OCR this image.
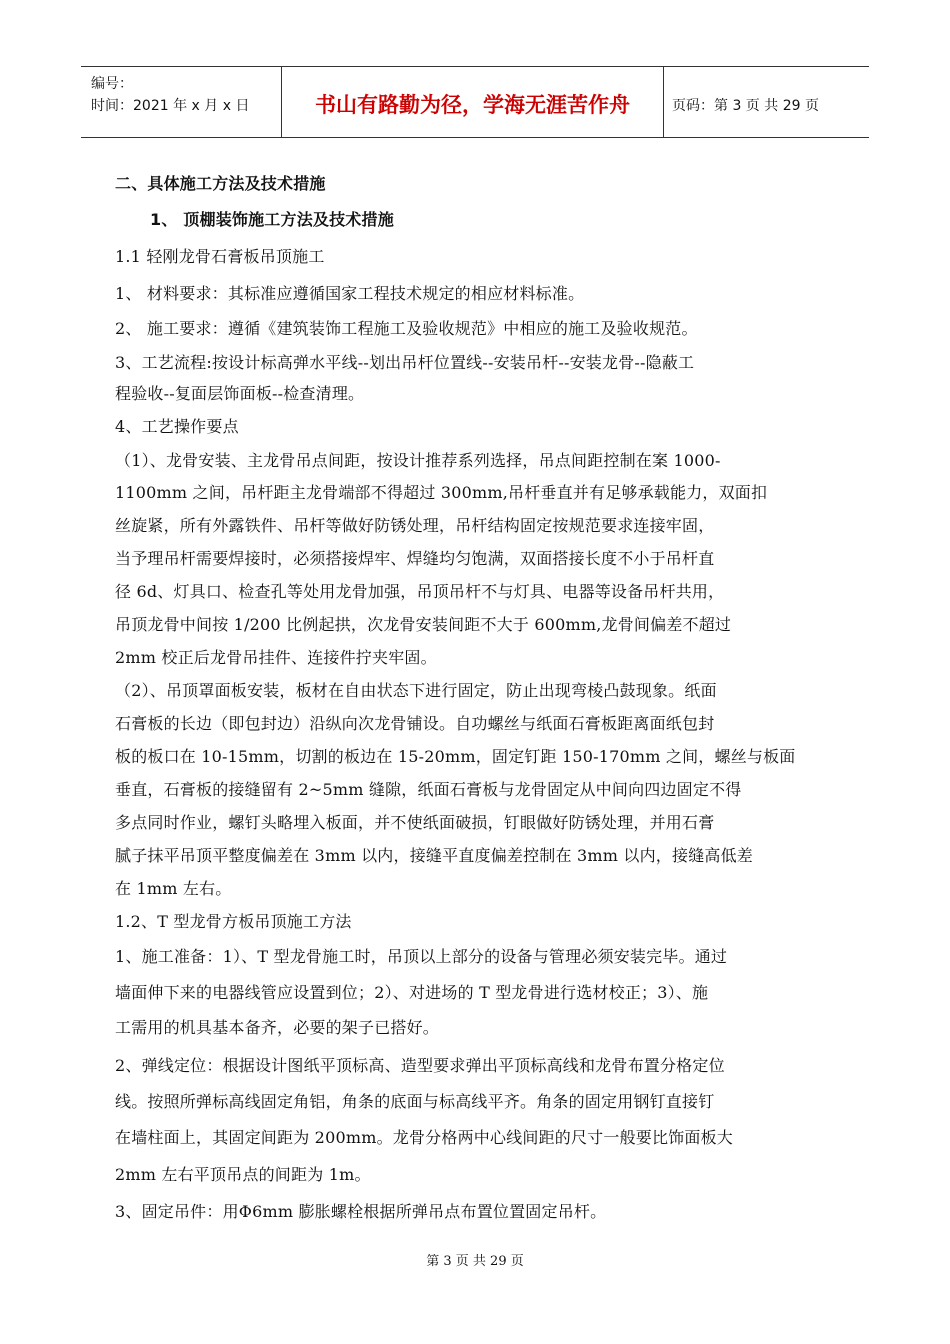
编号：
时间：2021 年 x 月 x 日	书山有路勤为径，学海无涯苦作舟	页码：第 3 页 共 29 页
二、具体施工方法及技术措施
1、 顶棚装饰施工方法及技术措施
1.1 轻刚龙骨石膏板吊顶施工
1、 材料要求：其标准应遵循国家工程技术规定的相应材料标准。
2、 施工要求：遵循《建筑装饰工程施工及验收规范》中相应的施工及验收规范。
3、工艺流程:按设计标高弹水平线--划出吊杆位置线--安装吊杆--安装龙骨--隐蔽工
程验收--复面层饰面板--检查清理。
4、工艺操作要点
（1）、龙骨安装、主龙骨吊点间距，按设计推荐系列选择，吊点间距控制在案 1000-
1100mm 之间，吊杆距主龙骨端部不得超过 300mm,吊杆垂直并有足够承载能力，双面扣
丝旋紧，所有外露铁件、吊杆等做好防锈处理，吊杆结构固定按规范要求连接牢固，
当予理吊杆需要焊接时，必须搭接焊牢、焊缝均匀饱满，双面搭接长度不小于吊杆直
径 6d、灯具口、检查孔等处用龙骨加强，吊顶吊杆不与灯具、电器等设备吊杆共用，
吊顶龙骨中间按 1/200 比例起拱，次龙骨安装间距不大于 600mm,龙骨间偏差不超过
2mm 校正后龙骨吊挂件、连接件拧夹牢固。
（2）、吊顶罩面板安装，板材在自由状态下进行固定，防止出现弯棱凸鼓现象。纸面
石膏板的长边（即包封边）沿纵向次龙骨铺设。自功螺丝与纸面石膏板距离面纸包封
板的板口在 10-15mm，切割的板边在 15-20mm，固定钉距 150-170mm 之间，螺丝与板面
垂直，石膏板的接缝留有 2~5mm 缝隙，纸面石膏板与龙骨固定从中间向四边固定不得
多点同时作业，螺钉头略埋入板面，并不使纸面破损，钉眼做好防锈处理，并用石膏
腻子抹平吊顶平整度偏差在 3mm 以内，接缝平直度偏差控制在 3mm 以内，接缝高低差
在 1mm 左右。
1.2、T 型龙骨方板吊顶施工方法
1、施工准备：1）、T 型龙骨施工时，吊顶以上部分的设备与管理必须安装完毕。通过
墙面伸下来的电器线管应设置到位；2）、对进场的 T 型龙骨进行选材校正；3）、施
工需用的机具基本备齐，必要的架子已搭好。
2、弹线定位：根据设计图纸平顶标高、造型要求弹出平顶标高线和龙骨布置分格定位
线。按照所弹标高线固定角铝，角条的底面与标高线平齐。角条的固定用钢钉直接钉
在墙柱面上，其固定间距为 200mm。龙骨分格两中心线间距的尺寸一般要比饰面板大
2mm 左右平顶吊点的间距为 1m。
3、固定吊件：用Φ6mm 膨胀螺栓根据所弹吊点布置位置固定吊杆。
第 3 页 共 29 页
